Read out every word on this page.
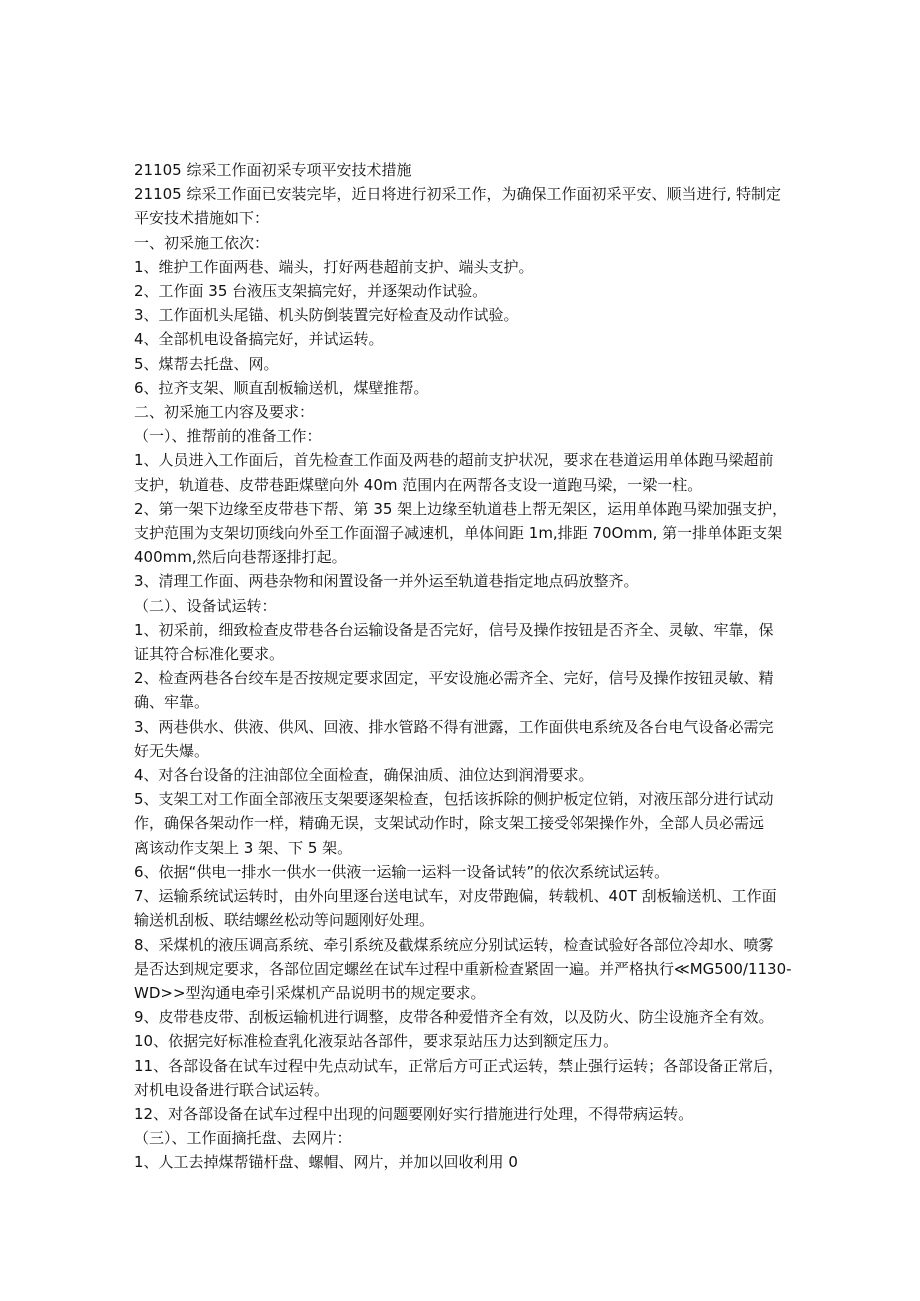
21105 综采工作面初采专项平安技术措施
21105 综采工作面已安装完毕，近日将进行初采工作，为确保工作面初采平安、顺当进行, 特制定
平安技术措施如下：
一、初采施工依次：
1、维护工作面两巷、端头，打好两巷超前支护、端头支护。
2、工作面 35 台液压支架搞完好，并逐架动作试验。
3、工作面机头尾锚、机头防倒装置完好检查及动作试验。
4、全部机电设备搞完好，并试运转。
5、煤帮去托盘、网。
6、拉齐支架、顺直刮板输送机，煤壁推帮。
二、初采施工内容及要求：
（一）、推帮前的准备工作：
1、人员进入工作面后，首先检查工作面及两巷的超前支护状况，要求在巷道运用单体跑马梁超前
支护，轨道巷、皮带巷距煤壁向外 40m 范围内在两帮各支设一道跑马梁，一梁一柱。
2、第一架下边缘至皮带巷下帮、第 35 架上边缘至轨道巷上帮无架区，运用单体跑马梁加强支护，
支护范围为支架切顶线向外至工作面溜子减速机，单体间距 1m,排距 70Omm, 第一排单体距支架
400mm,然后向巷帮逐排打起。
3、清理工作面、两巷杂物和闲置设备一并外运至轨道巷指定地点码放整齐。
（二）、设备试运转：
1、初采前，细致检查皮带巷各台运输设备是否完好，信号及操作按钮是否齐全、灵敏、牢靠，保
证其符合标准化要求。
2、检查两巷各台绞车是否按规定要求固定，平安设施必需齐全、完好，信号及操作按钮灵敏、精
确、牢靠。
3、两巷供水、供液、供风、回液、排水管路不得有泄露，工作面供电系统及各台电气设备必需完
好无失爆。
4、对各台设备的注油部位全面检查，确保油质、油位达到润滑要求。
5、支架工对工作面全部液压支架要逐架检查，包括该拆除的侧护板定位销，对液压部分进行试动
作，确保各架动作一样，精确无误，支架试动作时，除支架工接受邻架操作外，全部人员必需远
离该动作支架上 3 架、下 5 架。
6、依据“供电一排水一供水一供液一运输一运料一设备试转”的依次系统试运转。
7、运输系统试运转时，由外向里逐台送电试车，对皮带跑偏，转载机、40T 刮板输送机、工作面
输送机刮板、联结螺丝松动等问题刚好处理。
8、采煤机的液压调高系统、牵引系统及截煤系统应分别试运转，检查试验好各部位冷却水、喷雾
是否达到规定要求，各部位固定螺丝在试车过程中重新检查紧固一遍。并严格执行≪MG500/1130-
WD>>型沟通电牵引采煤机产品说明书的规定要求。
9、皮带巷皮带、刮板运输机进行调整，皮带各种爱惜齐全有效，以及防火、防尘设施齐全有效。
10、依据完好标准检查乳化液泵站各部件，要求泵站压力达到额定压力。
11、各部设备在试车过程中先点动试车，正常后方可正式运转，禁止强行运转；各部设备正常后，
对机电设备进行联合试运转。
12、对各部设备在试车过程中出现的问题要刚好实行措施进行处理，不得带病运转。
（三）、工作面摘托盘、去网片：
1、人工去掉煤帮锚杆盘、螺帽、网片，并加以回收利用 0
